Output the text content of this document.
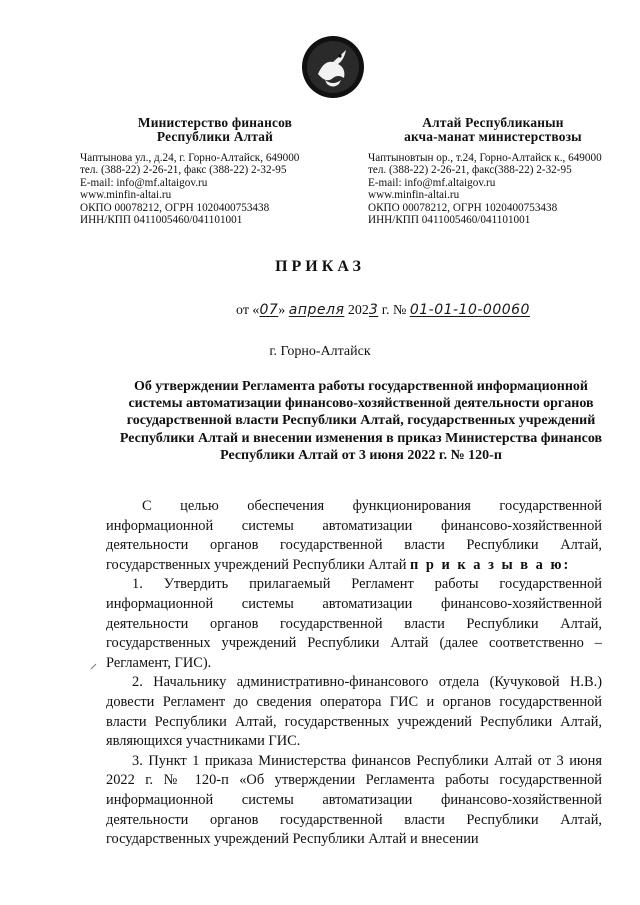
Министерство финансов
Республики Алтай
Чаптынова ул., д.24, г. Горно-Алтайск, 649000
тел. (388-22) 2-26-21, факс (388-22) 2-32-95
E-mail: info@mf.altaigov.ru
www.minfin-altai.ru
ОКПО 00078212, ОГРН 1020400753438
ИНН/КПП 0411005460/041101001
Алтай Республиканын
акча-манат министерствозы
Чаптыновтын ор., т.24, Горно-Алтайск к., 649000
тел. (388-22) 2-26-21, факс(388-22) 2-32-95
E-mail: info@mf.altaigov.ru
www.minfin-altai.ru
ОКПО 00078212, ОГРН 1020400753438
ИНН/КПП 0411005460/041101001
ПРИКАЗ
от «07» апреля 2023 г. № 01-01-10-00060
г. Горно-Алтайск
Об утверждении Регламента работы государственной информационной системы автоматизации финансово-хозяйственной деятельности органов государственной власти Республики Алтай, государственных учреждений Республики Алтай и внесении изменения в приказ Министерства финансов Республики Алтай от 3 июня 2022 г. № 120-п

С целью обеспечения функционирования государственной информационной системы автоматизации финансово-хозяйственной деятельности органов государственной власти Республики Алтай, государственных учреждений Республики Алтай п р и к а з ы в а ю:

1. Утвердить прилагаемый Регламент работы государственной информационной системы автоматизации финансово-хозяйственной деятельности органов государственной власти Республики Алтай, государственных учреждений Республики Алтай (далее соответственно – Регламент, ГИС).

2. Начальнику административно-финансового отдела (Кучуковой Н.В.) довести Регламент до сведения оператора ГИС и органов государственной власти Республики Алтай, государственных учреждений Республики Алтай, являющихся участниками ГИС.

3. Пункт 1 приказа Министерства финансов Республики Алтай от 3 июня 2022 г. № 120-п «Об утверждении Регламента работы государственной информационной системы автоматизации финансово-хозяйственной деятельности органов государственной власти Республики Алтай, государственных учреждений Республики Алтай и внесении
